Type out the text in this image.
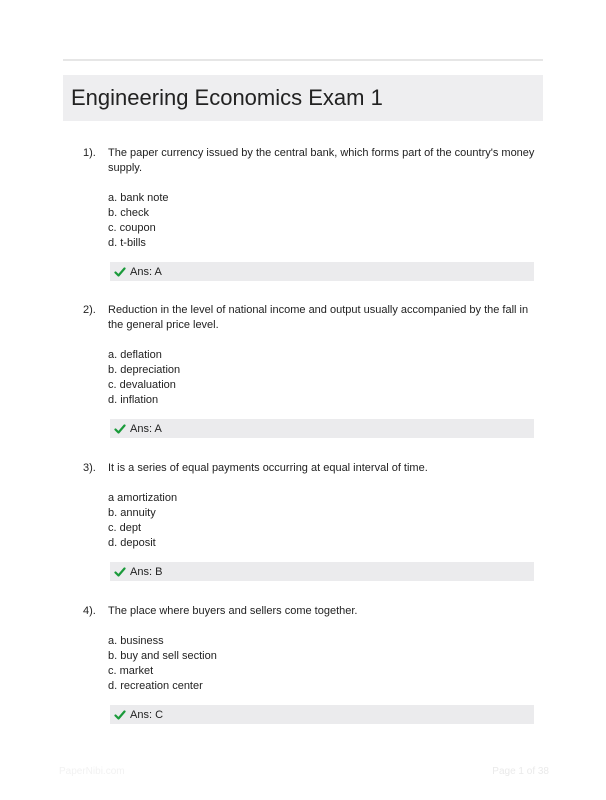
Engineering Economics Exam 1
1). The paper currency issued by the central bank, which forms part of the country's money supply.
a. bank note
b. check
c. coupon
d. t-bills
Ans: A
2). Reduction in the level of national income and output usually accompanied by the fall in the general price level.
a. deflation
b. depreciation
c. devaluation
d. inflation
Ans: A
3). It is a series of equal payments occurring at equal interval of time.
a amortization
b. annuity
c. dept
d. deposit
Ans: B
4). The place where buyers and sellers come together.
a. business
b. buy and sell section
c. market
d. recreation center
Ans: C
PaperNibi.com	Page 1 of 38
